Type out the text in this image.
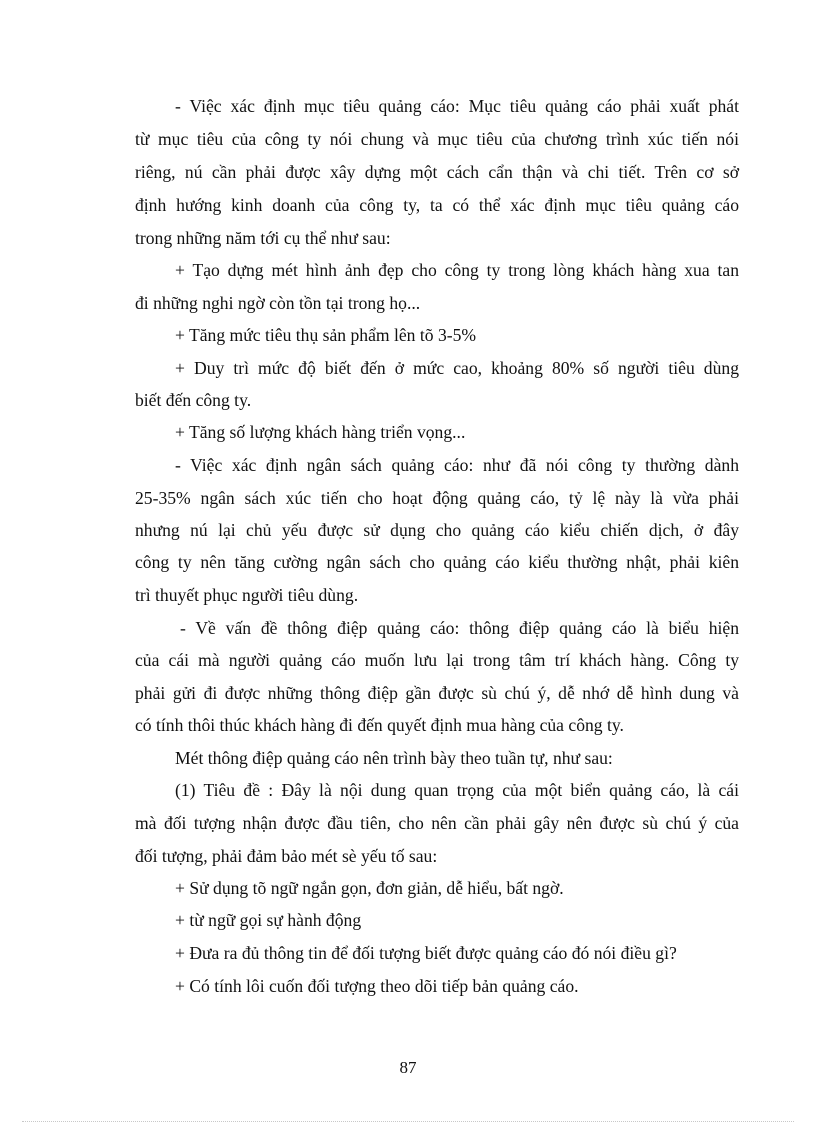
- Việc xác định mục tiêu quảng cáo: Mục tiêu quảng cáo phải xuất phát
từ mục tiêu của công ty nói chung và mục tiêu của chương trình xúc tiến nói
riêng, nú cần phải được xây dựng một cách cẩn thận và chi tiết. Trên cơ sở
định hướng kinh doanh của công ty, ta có thể xác định mục tiêu quảng cáo
trong những năm tới cụ thể như sau:
+ Tạo dựng mét hình ảnh đẹp cho công ty trong lòng khách hàng xua tan
đi những nghi ngờ còn tồn tại trong họ...
+ Tăng mức tiêu thụ sản phẩm lên tõ 3-5%
+ Duy trì mức độ biết đến ở mức cao, khoảng 80% số người tiêu dùng
biết đến công ty.
+ Tăng số lượng khách hàng triển vọng...
- Việc xác định ngân sách quảng cáo: như đã nói công ty thường dành
25-35% ngân sách xúc tiến cho hoạt động quảng cáo, tỷ lệ này là vừa phải
nhưng nú lại chủ yếu được sử dụng cho quảng cáo kiểu chiến dịch, ở đây
công ty nên tăng cường ngân sách cho quảng cáo kiểu thường nhật, phải kiên
trì thuyết phục người tiêu dùng.
- Về vấn đề thông điệp quảng cáo: thông điệp quảng cáo là biểu hiện
của cái mà người quảng cáo muốn lưu lại trong tâm trí khách hàng. Công ty
phải gửi đi được những thông điệp gần được sù chú ý, dễ nhớ dễ hình dung và
có tính thôi thúc khách hàng đi đến quyết định mua hàng của công ty.
Mét thông điệp quảng cáo nên trình bày theo tuần tự, như sau:
(1) Tiêu đề : Đây là nội dung quan trọng của một biển quảng cáo, là cái
mà đối tượng nhận được đầu tiên, cho nên cần phải gây nên được sù chú ý của
đối tượng, phải đảm bảo mét sè yếu tố sau:
+ Sử dụng tõ ngữ ngắn gọn, đơn giản, dễ hiểu, bất ngờ.
+ từ ngữ gọi sự hành động
+ Đưa ra đủ thông tin để đối tượng biết được quảng cáo đó nói điều gì?
+ Có tính lôi cuốn đối tượng theo dõi tiếp bản quảng cáo.
87
